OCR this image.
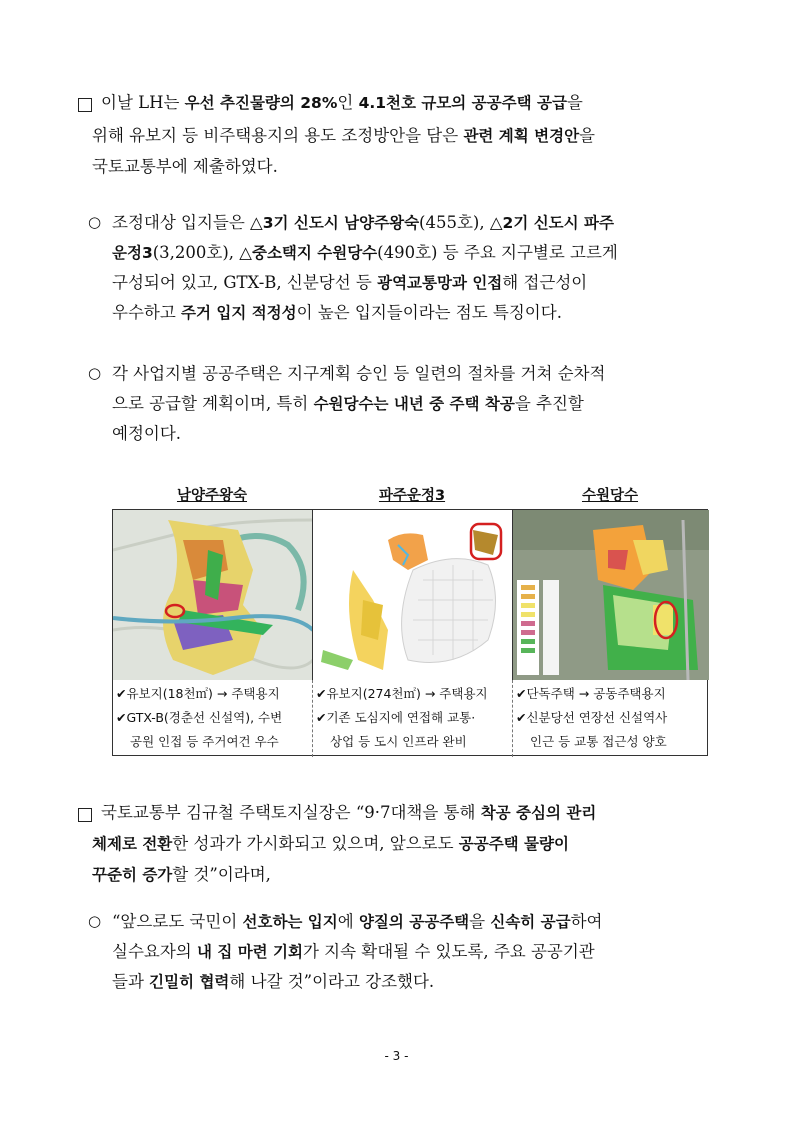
이날 LH는 우선 추진물량의 28%인 4.1천호 규모의 공공주택 공급을
위해 유보지 등 비주택용지의 용도 조정방안을 담은 관련 계획 변경안을
국토교통부에 제출하였다.
○ 조정대상 입지들은 △3기 신도시 남양주왕숙(455호), △2기 신도시 파주
운정3(3,200호), △중소택지 수원당수(490호) 등 주요 지구별로 고르게
구성되어 있고, GTX-B, 신분당선 등 광역교통망과 인접해 접근성이
우수하고 주거 입지 적정성이 높은 입지들이라는 점도 특징이다.
○ 각 사업지별 공공주택은 지구계획 승인 등 일련의 절차를 거쳐 순차적
으로 공급할 계획이며, 특히 수원당수는 내년 중 주택 착공을 추진할
예정이다.
남양주왕숙	파주운정3	수원당수
✔유보지(18천㎡) → 주택용지
✔GTX-B(경춘선 신설역), 수변
공원 인접 등 주거여건 우수
✔유보지(274천㎡) → 주택용지
✔기존 도심지에 연접해 교통·
상업 등 도시 인프라 완비
✔단독주택 → 공동주택용지
✔신분당선 연장선 신설역사
인근 등 교통 접근성 양호
국토교통부 김규철 주택토지실장은 “9·7대책을 통해 착공 중심의 관리
체제로 전환한 성과가 가시화되고 있으며, 앞으로도 공공주택 물량이
꾸준히 증가할 것”이라며,
○ “앞으로도 국민이 선호하는 입지에 양질의 공공주택을 신속히 공급하여
실수요자의 내 집 마련 기회가 지속 확대될 수 있도록, 주요 공공기관
들과 긴밀히 협력해 나갈 것”이라고 강조했다.
- 3 -
